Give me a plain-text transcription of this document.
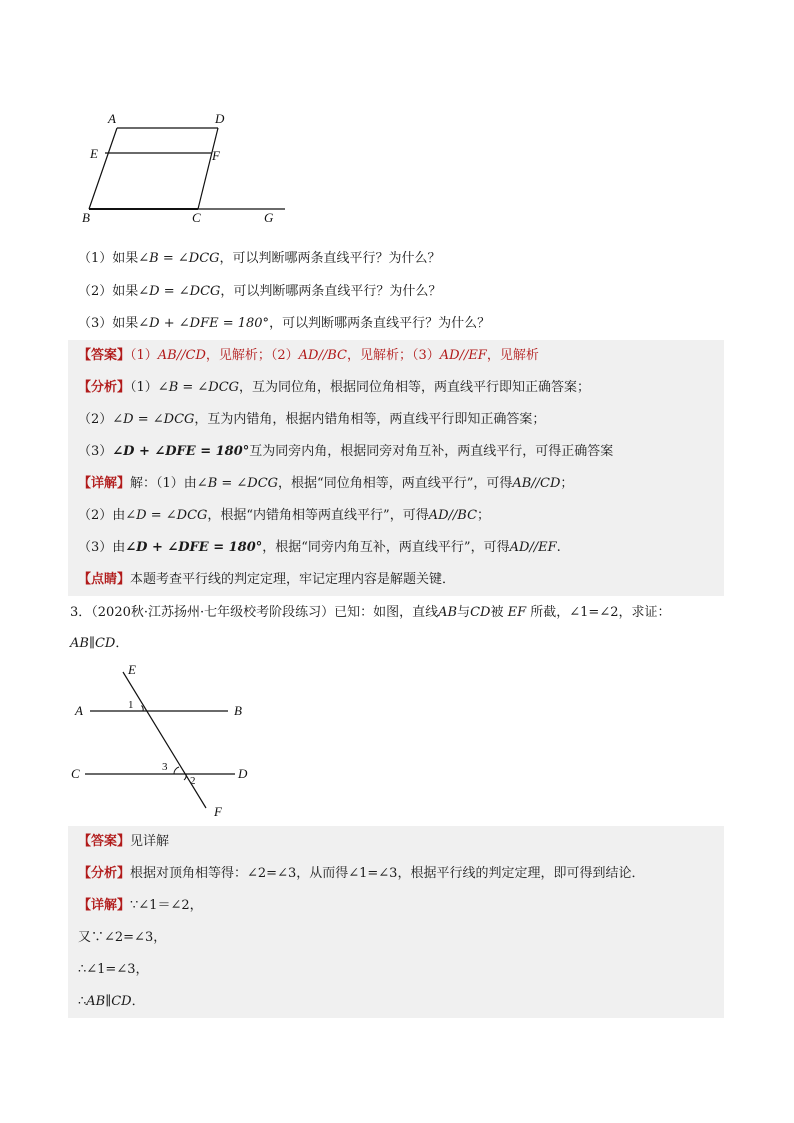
A	D
E	F
B	C	G
（1）如果∠B = ∠DCG，可以判断哪两条直线平行？为什么？
（2）如果∠D = ∠DCG，可以判断哪两条直线平行？为什么？
（3）如果∠D + ∠DFE = 180°，可以判断哪两条直线平行？为什么？
【答案】（1）AB//CD，见解析；（2）AD//BC，见解析；（3）AD//EF，见解析
【分析】（1）∠B = ∠DCG，互为同位角，根据同位角相等，两直线平行即知正确答案；
（2）∠D = ∠DCG，互为内错角，根据内错角相等，两直线平行即知正确答案；
（3）∠D + ∠DFE = 180°互为同旁内角，根据同旁对角互补，两直线平行，可得正确答案
【详解】解：（1）由∠B = ∠DCG，根据“同位角相等，两直线平行”，可得AB//CD；
（2）由∠D = ∠DCG，根据“内错角相等两直线平行”，可得AD//BC；
（3）由∠D + ∠DFE = 180°，根据“同旁内角互补，两直线平行”，可得AD//EF.
【点睛】本题考查平行线的判定定理，牢记定理内容是解题关键．
3．（2020秋·江苏扬州·七年级校考阶段练习）已知：如图，直线AB与CD被 EF 所截，∠1=∠2，求证：
AB∥CD．
E
A	B
C	D
F
1
3
2
【答案】见详解
【分析】根据对顶角相等得：∠2=∠3，从而得∠1=∠3，根据平行线的判定定理，即可得到结论．
【详解】∵∠1＝∠2，
又∵∠2=∠3，
∴∠1=∠3，
∴AB∥CD．
